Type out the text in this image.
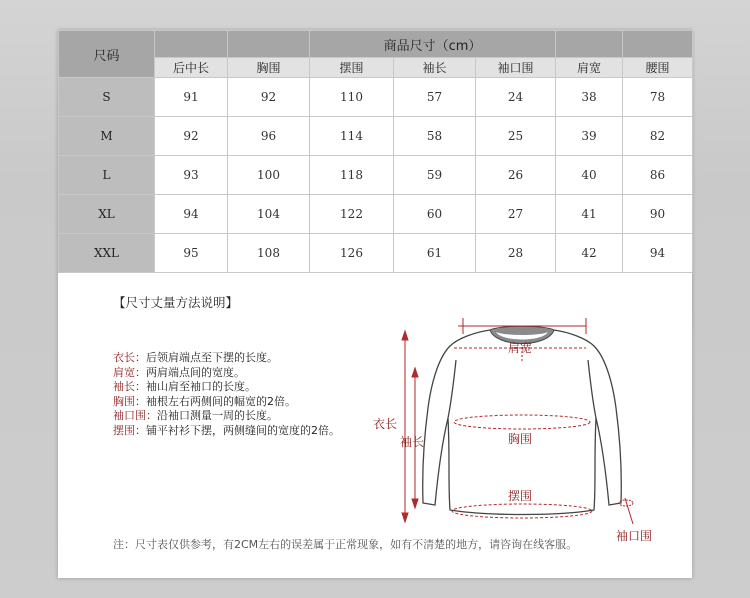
尺码			商品尺寸（cm）				
	后中长	胸围	摆围	袖长	袖口围	肩宽	腰围
S	91	92	110	57	24	38	78
M	92	96	114	58	25	39	82
L	93	100	118	59	26	40	86
XL	94	104	122	60	27	41	90
XXL	95	108	126	61	28	42	94
【尺寸丈量方法说明】
衣长：后领肩端点至下摆的长度。
肩宽：两肩端点间的宽度。
袖长：袖山肩至袖口的长度。
胸围：袖根左右两侧间的幅宽的2倍。
袖口围：沿袖口测量一周的长度。
摆围：铺平衬衫下摆，两侧缝间的宽度的2倍。
肩宽
衣长
袖长	胸围
摆围
袖口围
注：尺寸表仅供参考，有2CM左右的误差属于正常现象，如有不清楚的地方，请咨询在线客服。
